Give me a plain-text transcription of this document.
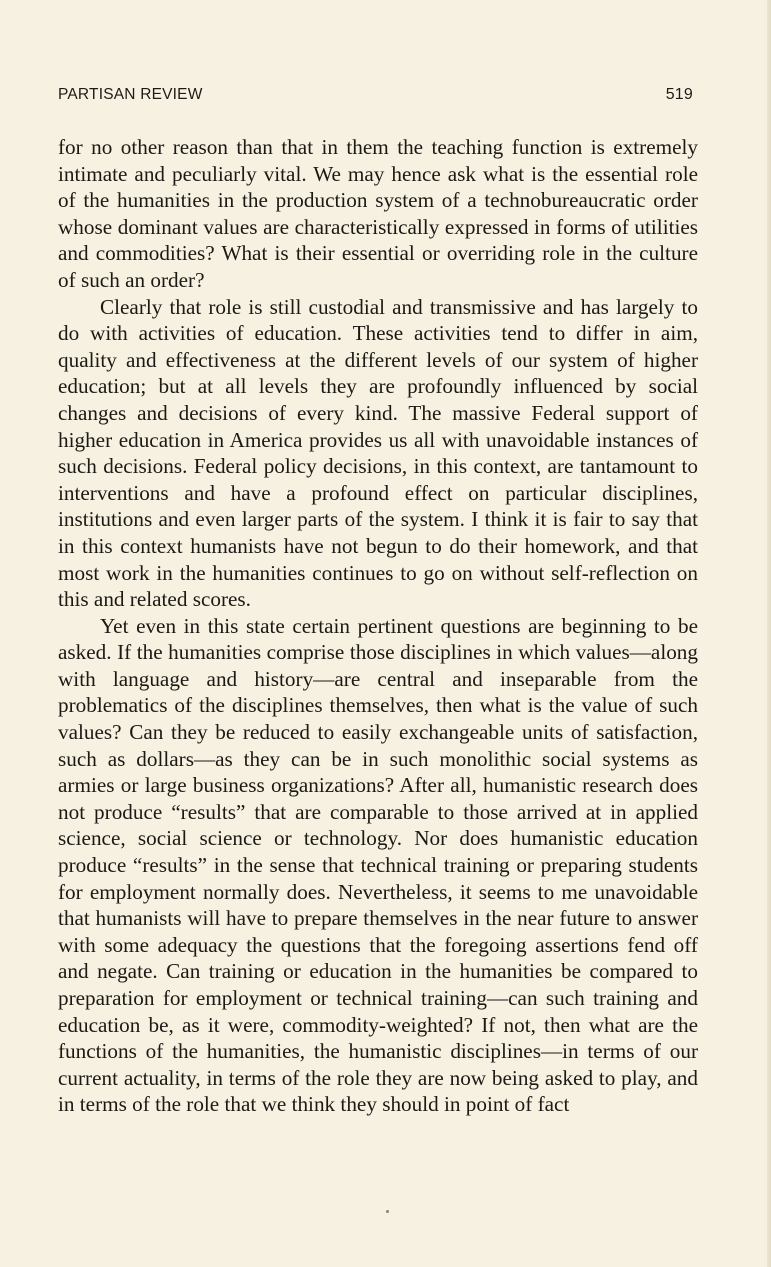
PARTISAN REVIEW	519

for no other reason than that in them the teaching function is extremely intimate and peculiarly vital. We may hence ask what is the essential role of the humanities in the production system of a technobureaucratic order whose dominant values are characteristically expressed in forms of utilities and commodities? What is their essential or overriding role in the culture of such an order?

Clearly that role is still custodial and transmissive and has largely to do with activities of education. These activities tend to differ in aim, quality and effectiveness at the different levels of our system of higher education; but at all levels they are profoundly influenced by social changes and decisions of every kind. The massive Federal support of higher education in America provides us all with unavoidable instances of such decisions. Federal policy decisions, in this context, are tantamount to interventions and have a profound effect on particular disciplines, institutions and even larger parts of the system. I think it is fair to say that in this context humanists have not begun to do their homework, and that most work in the humanities continues to go on without self-reflection on this and related scores.

Yet even in this state certain pertinent questions are beginning to be asked. If the humanities comprise those disciplines in which values—along with language and history—are central and inseparable from the problematics of the disciplines themselves, then what is the value of such values? Can they be reduced to easily exchangeable units of satisfaction, such as dollars—as they can be in such monolithic social systems as armies or large business organizations? After all, humanistic research does not produce “results” that are comparable to those arrived at in applied science, social science or technology. Nor does humanistic education produce “results” in the sense that technical training or preparing students for employment normally does. Nevertheless, it seems to me unavoidable that humanists will have to prepare themselves in the near future to answer with some adequacy the questions that the foregoing assertions fend off and negate. Can training or education in the humanities be compared to preparation for employment or technical training—can such training and education be, as it were, commodity-weighted? If not, then what are the functions of the humanities, the humanistic disciplines—in terms of our current actuality, in terms of the role they are now being asked to play, and in terms of the role that we think they should in point of fact
